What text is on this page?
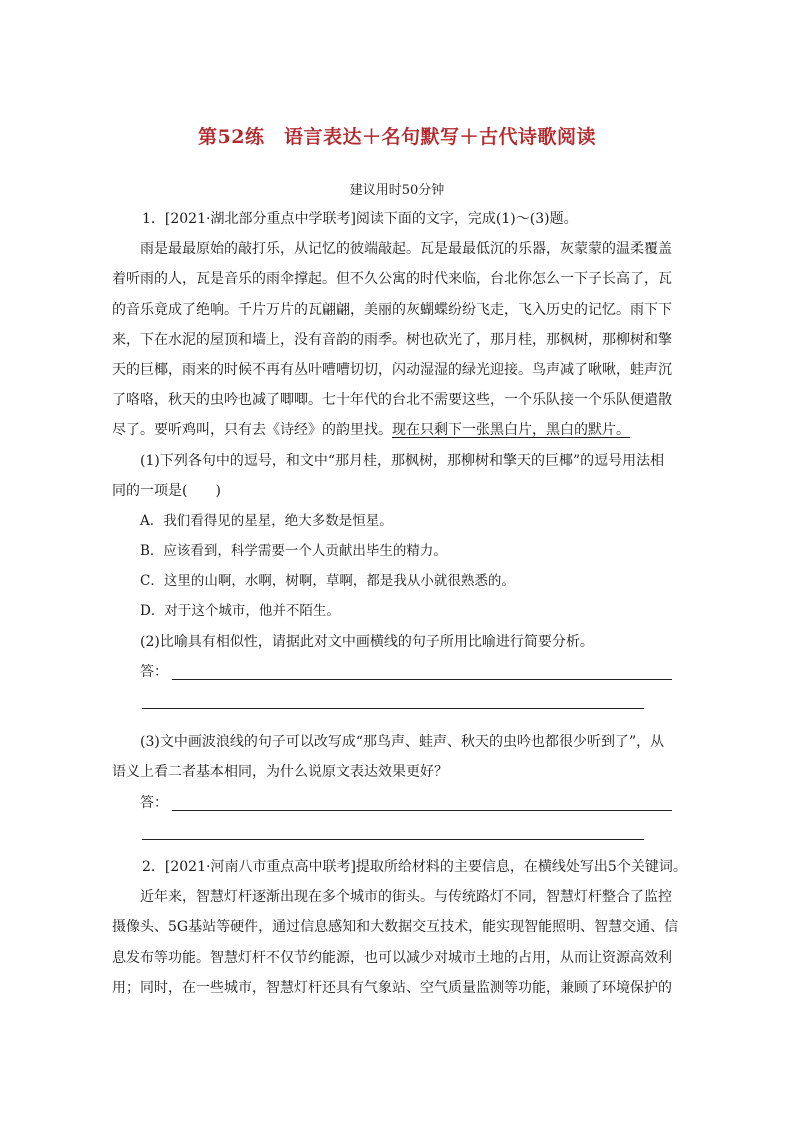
第52练　语言表达＋名句默写＋古代诗歌阅读
建议用时50分钟
1．[2021·湖北部分重点中学联考]阅读下面的文字，完成(1)～(3)题。
雨是最最原始的敲打乐，从记忆的彼端敲起。瓦是最最低沉的乐器，灰蒙蒙的温柔覆盖
着听雨的人，瓦是音乐的雨伞撑起。但不久公寓的时代来临，台北你怎么一下子长高了，瓦
的音乐竟成了绝响。千片万片的瓦翩翩，美丽的灰蝴蝶纷纷飞走，飞入历史的记忆。雨下下
来，下在水泥的屋顶和墙上，没有音韵的雨季。树也砍光了，那月桂，那枫树，那柳树和擎
天的巨椰，雨来的时候不再有丛叶嘈嘈切切，闪动湿湿的绿光迎接。鸟声减了啾啾，蛙声沉
了咯咯，秋天的虫吟也减了唧唧。七十年代的台北不需要这些，一个乐队接一个乐队便遣散
尽了。要听鸡叫，只有去《诗经》的韵里找。现在只剩下一张黑白片，黑白的默片。
(1)下列各句中的逗号，和文中“那月桂，那枫树，那柳树和擎天的巨椰”的逗号用法相
同的一项是(　　)
A．我们看得见的星星，绝大多数是恒星。
B．应该看到，科学需要一个人贡献出毕生的精力。
C．这里的山啊，水啊，树啊，草啊，都是我从小就很熟悉的。
D．对于这个城市，他并不陌生。
(2)比喻具有相似性，请据此对文中画横线的句子所用比喻进行简要分析。
答：
(3)文中画波浪线的句子可以改写成“那鸟声、蛙声、秋天的虫吟也都很少听到了”，从
语义上看二者基本相同，为什么说原文表达效果更好？
答：
2．[2021·河南八市重点高中联考]提取所给材料的主要信息，在横线处写出5个关键词。
近年来，智慧灯杆逐渐出现在多个城市的街头。与传统路灯不同，智慧灯杆整合了监控
摄像头、5G基站等硬件，通过信息感知和大数据交互技术，能实现智能照明、智慧交通、信
息发布等功能。智慧灯杆不仅节约能源，也可以减少对城市土地的占用，从而让资源高效利
用；同时，在一些城市，智慧灯杆还具有气象站、空气质量监测等功能，兼顾了环境保护的
